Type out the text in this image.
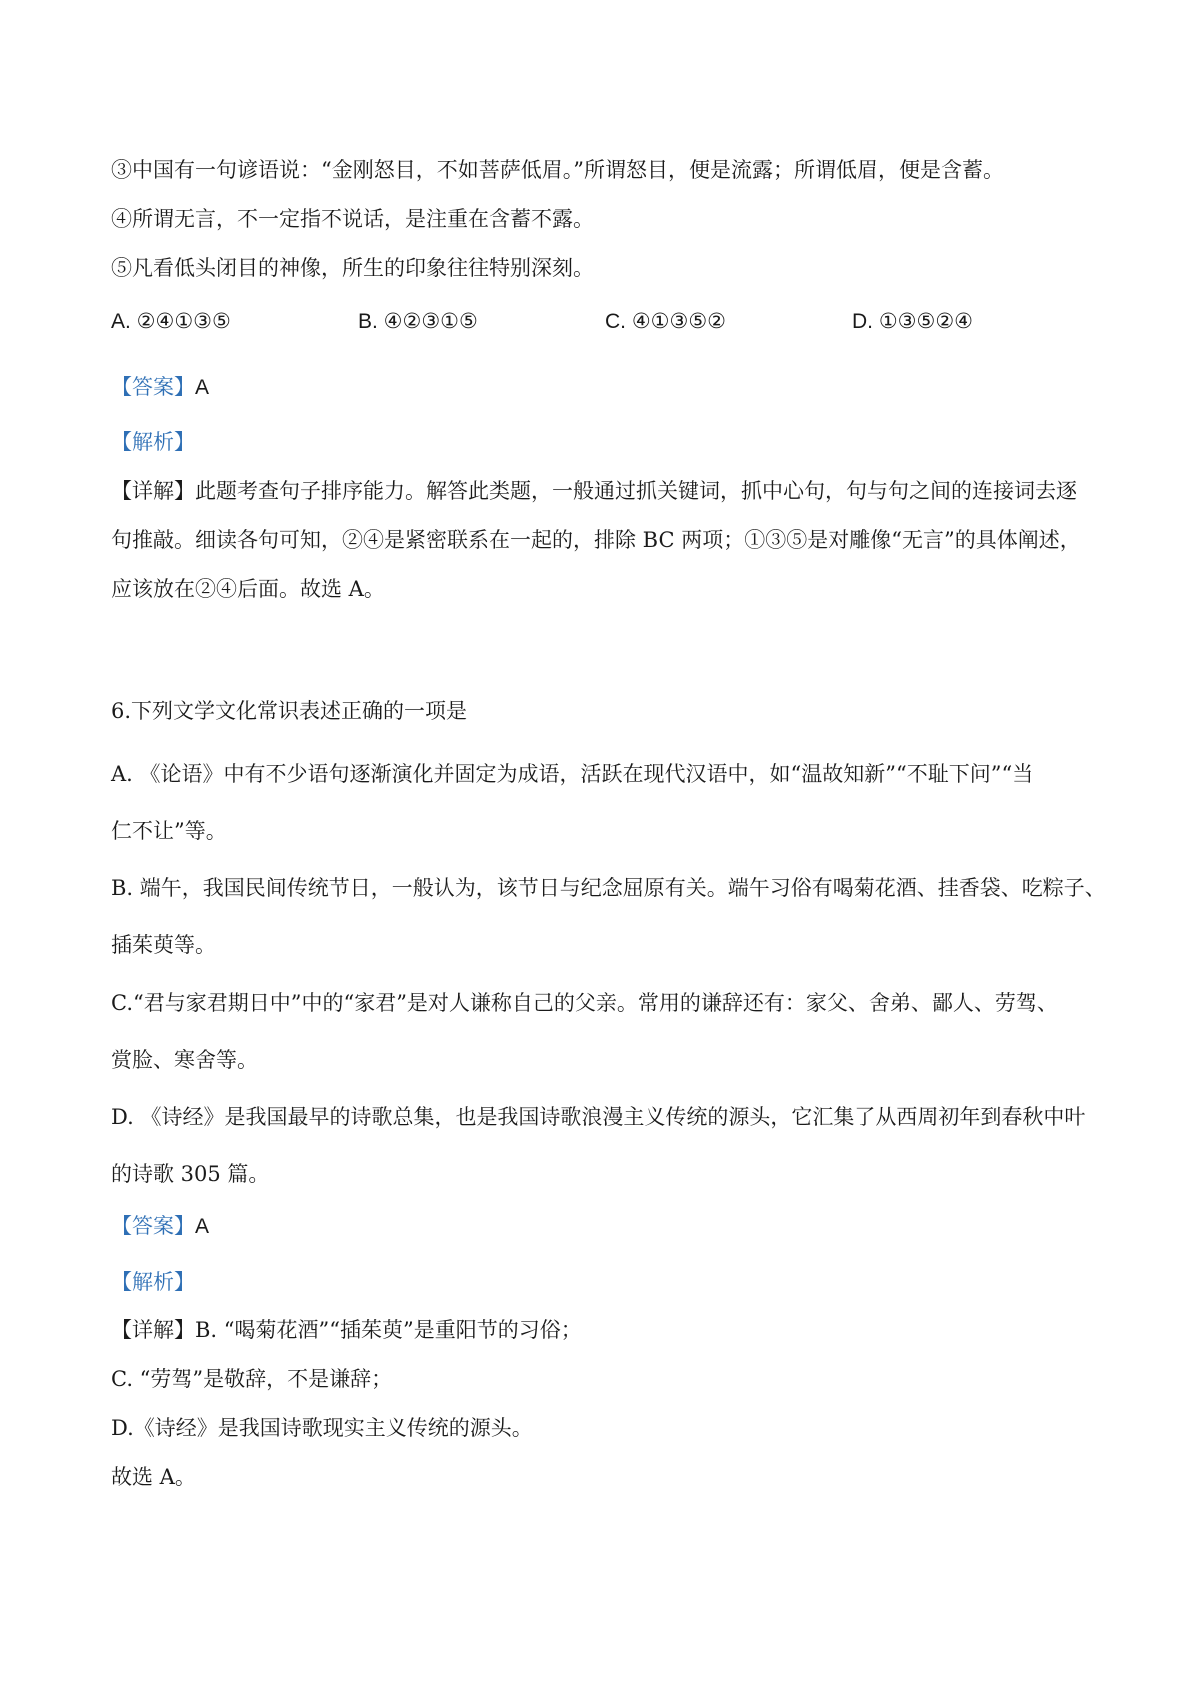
③中国有一句谚语说：“金刚怒目，不如菩萨低眉。”所谓怒目，便是流露；所谓低眉，便是含蓄。

④所谓无言，不一定指不说话，是注重在含蓄不露。

⑤凡看低头闭目的神像，所生的印象往往特别深刻。

A. ②④①③⑤	B. ④②③①⑤	C. ④①③⑤②	D. ①③⑤②④

【答案】A

【解析】

【详解】此题考查句子排序能力。解答此类题，一般通过抓关键词，抓中心句，句与句之间的连接词去逐

句推敲。细读各句可知，②④是紧密联系在一起的，排除 BC 两项；①③⑤是对雕像“无言”的具体阐述，

应该放在②④后面。故选 A。

6.下列文学文化常识表述正确的一项是

A. 《论语》中有不少语句逐渐演化并固定为成语，活跃在现代汉语中，如“温故知新”“不耻下问”“当

仁不让”等。

B. 端午，我国民间传统节日，一般认为，该节日与纪念屈原有关。端午习俗有喝菊花酒、挂香袋、吃粽子、

插茱萸等。

C.“君与家君期日中”中的“家君”是对人谦称自己的父亲。常用的谦辞还有：家父、舍弟、鄙人、劳驾、

赏脸、寒舍等。

D. 《诗经》是我国最早的诗歌总集，也是我国诗歌浪漫主义传统的源头，它汇集了从西周初年到春秋中叶

的诗歌 305 篇。

【答案】A

【解析】

【详解】B. “喝菊花酒”“插茱萸”是重阳节的习俗；

C. “劳驾”是敬辞，不是谦辞；

D.《诗经》是我国诗歌现实主义传统的源头。

故选 A。
